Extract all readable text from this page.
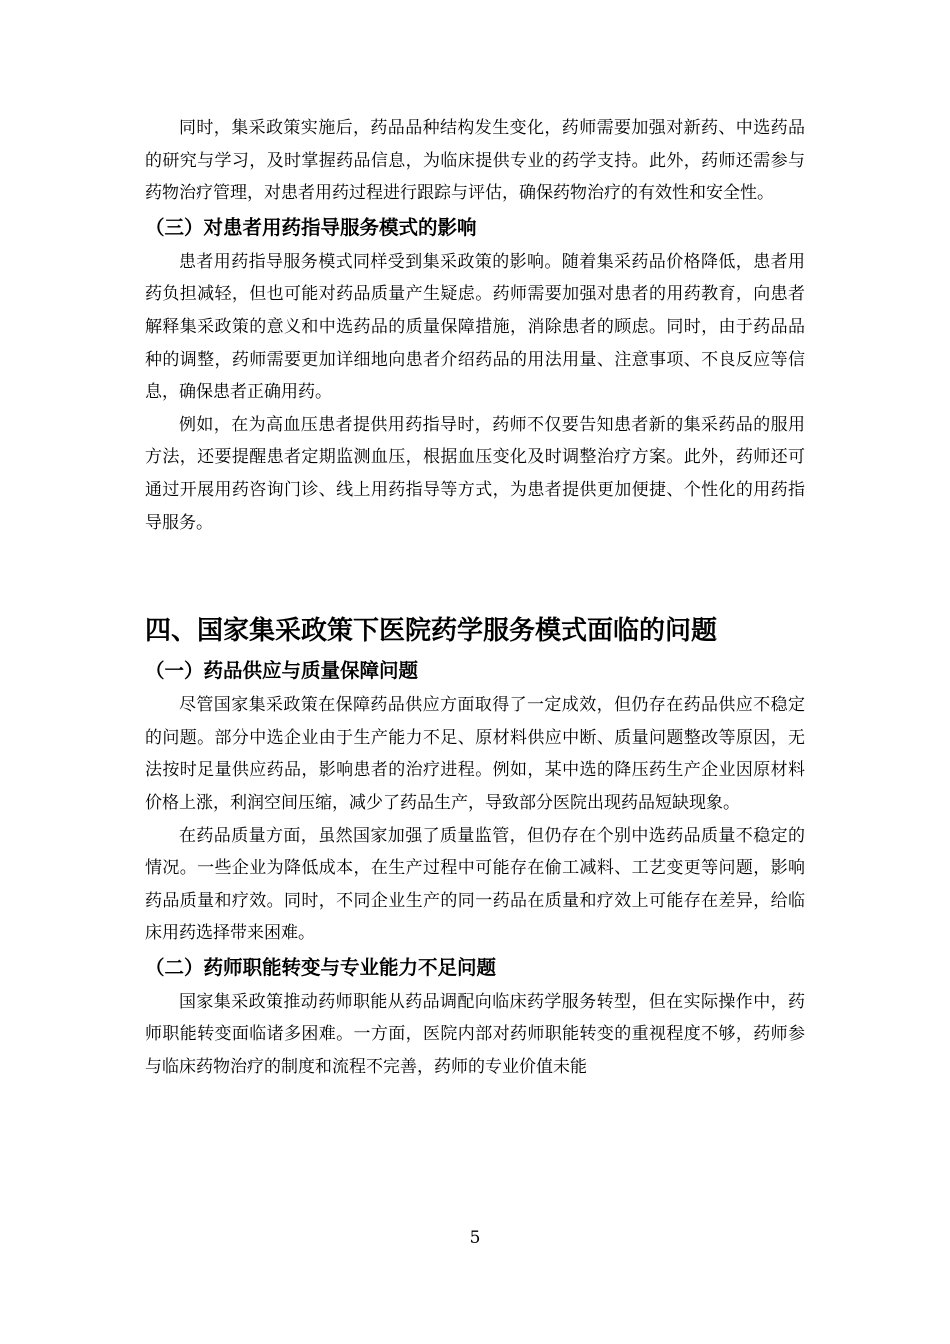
同时，集采政策实施后，药品品种结构发生变化，药师需要加强对新药、中选药品的研究与学习，及时掌握药品信息，为临床提供专业的药学支持。此外，药师还需参与药物治疗管理，对患者用药过程进行跟踪与评估，确保药物治疗的有效性和安全性。

（三）对患者用药指导服务模式的影响

患者用药指导服务模式同样受到集采政策的影响。随着集采药品价格降低，患者用药负担减轻，但也可能对药品质量产生疑虑。药师需要加强对患者的用药教育，向患者解释集采政策的意义和中选药品的质量保障措施，消除患者的顾虑。同时，由于药品品种的调整，药师需要更加详细地向患者介绍药品的用法用量、注意事项、不良反应等信息，确保患者正确用药。

例如，在为高血压患者提供用药指导时，药师不仅要告知患者新的集采药品的服用方法，还要提醒患者定期监测血压，根据血压变化及时调整治疗方案。此外，药师还可通过开展用药咨询门诊、线上用药指导等方式，为患者提供更加便捷、个性化的用药指导服务。

四、国家集采政策下医院药学服务模式面临的问题
（一）药品供应与质量保障问题

尽管国家集采政策在保障药品供应方面取得了一定成效，但仍存在药品供应不稳定的问题。部分中选企业由于生产能力不足、原材料供应中断、质量问题整改等原因，无法按时足量供应药品，影响患者的治疗进程。例如，某中选的降压药生产企业因原材料价格上涨，利润空间压缩，减少了药品生产，导致部分医院出现药品短缺现象。

在药品质量方面，虽然国家加强了质量监管，但仍存在个别中选药品质量不稳定的情况。一些企业为降低成本，在生产过程中可能存在偷工减料、工艺变更等问题，影响药品质量和疗效。同时，不同企业生产的同一药品在质量和疗效上可能存在差异，给临床用药选择带来困难。

（二）药师职能转变与专业能力不足问题

国家集采政策推动药师职能从药品调配向临床药学服务转型，但在实际操作中，药师职能转变面临诸多困难。一方面，医院内部对药师职能转变的重视程度不够，药师参与临床药物治疗的制度和流程不完善，药师的专业价值未能

5
